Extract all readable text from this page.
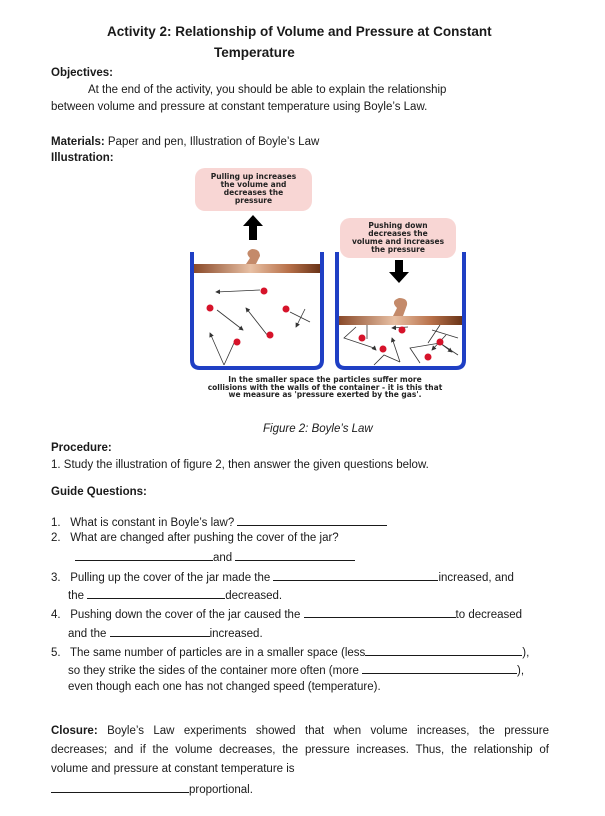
Activity 2: Relationship of Volume and Pressure at Constant
Temperature
Objectives:
At the end of the activity, you should be able to explain the relationship
between volume and pressure at constant temperature using Boyle’s Law.
Materials: Paper and pen, Illustration of Boyle’s Law
Illustration:
Pulling up increases
the volume and
decreases the
pressure
Pushing down
decreases the
volume and increases
the pressure
In the smaller space the particles suffer more
collisions with the walls of the container - it is this that
we measure as 'pressure exerted by the gas'.
Figure 2: Boyle’s Law
Procedure:
1. Study the illustration of figure 2, then answer the given questions below.
Guide Questions:
1. What is constant in Boyle’s law?
2. What are changed after pushing the cover of the jar?
and
3. Pulling up the cover of the jar made the	increased, and
the	decreased.
4. Pushing down the cover of the jar caused the	to decreased
and the	increased.
5. The same number of particles are in a smaller space (less	),
so they strike the sides of the container more often (more	),
even though each one has not changed speed (temperature).
Closure: Boyle’s Law experiments showed that when volume increases, the pressure
decreases; and if the volume decreases, the pressure increases. Thus, the relationship of
volume and pressure at constant temperature is
proportional.
